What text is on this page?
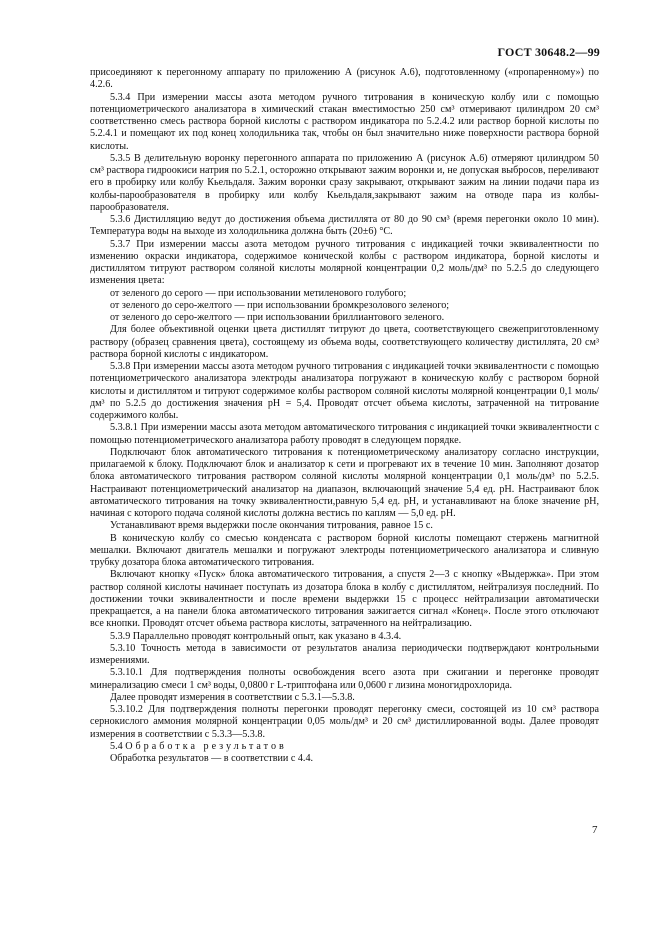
ГОСТ 30648.2—99

присоединяют к перегонному аппарату по приложению А (рисунок А.6), подготовленному («пропаренному») по 4.2.6.

5.3.4 При измерении массы азота методом ручного титрования в коническую колбу или с помощью потенциометрического анализатора в химический стакан вместимостью 250 см³ отмеривают цилиндром 20 см³ соответственно смесь раствора борной кислоты с раствором индикатора по 5.2.4.2 или раствор борной кислоты по 5.2.4.1 и помещают их под конец холодильника так, чтобы он был значительно ниже поверхности раствора борной кислоты.

5.3.5 В делительную воронку перегонного аппарата по приложению А (рисунок А.6) отмеряют цилиндром 50 см³ раствора гидроокиси натрия по 5.2.1, осторожно открывают зажим воронки и, не допуская выбросов, переливают его в пробирку или колбу Кьельдаля. Зажим воронки сразу закрывают, открывают зажим на линии подачи пара из колбы-парообразователя в пробирку или колбу Кьельдаля,закрывают зажим на отводе пара из колбы-парообразователя.

5.3.6 Дистилляцию ведут до достижения объема дистиллята от 80 до 90 см³ (время перегонки около 10 мин). Температура воды на выходе из холодильника должна быть (20±6) °С.

5.3.7 При измерении массы азота методом ручного титрования с индикацией точки эквивалентности по изменению окраски индикатора, содержимое конической колбы с раствором индикатора, борной кислоты и дистиллятом титруют раствором соляной кислоты молярной концентрации 0,2 моль/дм³ по 5.2.5 до следующего изменения цвета:

от зеленого до серого — при использовании метиленового голубого;

от зеленого до серо-желтого — при использовании бромкрезолового зеленого;

от зеленого до серо-желтого — при использовании бриллиантового зеленого.

Для более объективной оценки цвета дистиллят титруют до цвета, соответствующего свежеприготовленному раствору (образец сравнения цвета), состоящему из объема воды, соответствующего количеству дистиллята, 20 см³ раствора борной кислоты с индикатором.

5.3.8 При измерении массы азота методом ручного титрования с индикацией точки эквивалентности с помощью потенциометрического анализатора электроды анализатора погружают в коническую колбу с раствором борной кислоты и дистиллятом и титруют содержимое колбы раствором соляной кислоты молярной концентрации 0,1 моль/дм³ по 5.2.5 до достижения значения рН = 5,4. Проводят отсчет объема кислоты, затраченной на титрование содержимого колбы.

5.3.8.1 При измерении массы азота методом автоматического титрования с индикацией точки эквивалентности с помощью потенциометрического анализатора работу проводят в следующем порядке.

Подключают блок автоматического титрования к потенциометрическому анализатору согласно инструкции, прилагаемой к блоку. Подключают блок и анализатор к сети и прогревают их в течение 10 мин. Заполняют дозатор блока автоматического титрования раствором соляной кислоты молярной концентрации 0,1 моль/дм³ по 5.2.5. Настраивают потенциометрический анализатор на диапазон, включающий значение 5,4 ед. рН. Настраивают блок автоматического титрования на точку эквивалентности,равную 5,4 ед. рН, и устанавливают на блоке значение рН, начиная с которого подача соляной кислоты должна вестись по каплям — 5,0 ед. рН.

Устанавливают время выдержки после окончания титрования, равное 15 с.

В коническую колбу со смесью конденсата с раствором борной кислоты помещают стержень магнитной мешалки. Включают двигатель мешалки и погружают электроды потенциометрического анализатора и сливную трубку дозатора блока автоматического титрования.

Включают кнопку «Пуск» блока автоматического титрования, а спустя 2—3 с кнопку «Выдержка». При этом раствор соляной кислоты начинает поступать из дозатора блока в колбу с дистиллятом, нейтрализуя последний. По достижении точки эквивалентности и после времени выдержки 15 с процесс нейтрализации автоматически прекращается, а на панели блока автоматического титрования зажигается сигнал «Конец». После этого отключают все кнопки. Проводят отсчет объема раствора кислоты, затраченного на нейтрализацию.

5.3.9 Параллельно проводят контрольный опыт, как указано в 4.3.4.

5.3.10 Точность метода в зависимости от результатов анализа периодически подтверждают контрольными измерениями.

5.3.10.1 Для подтверждения полноты освобождения всего азота при сжигании и перегонке проводят минерализацию смеси 1 см³ воды, 0,0800 г L-триптофана или 0,0600 г лизина моногидрохлорида.

Далее проводят измерения в соответствии с 5.3.1—5.3.8.

5.3.10.2 Для подтверждения полноты перегонки проводят перегонку смеси, состоящей из 10 см³ раствора сернокислого аммония молярной концентрации 0,05 моль/дм³ и 20 см³ дистиллированной воды. Далее проводят измерения в соответствии с 5.3.3—5.3.8.

5.4 Обработка результатов

Обработка результатов — в соответствии с 4.4.

7
